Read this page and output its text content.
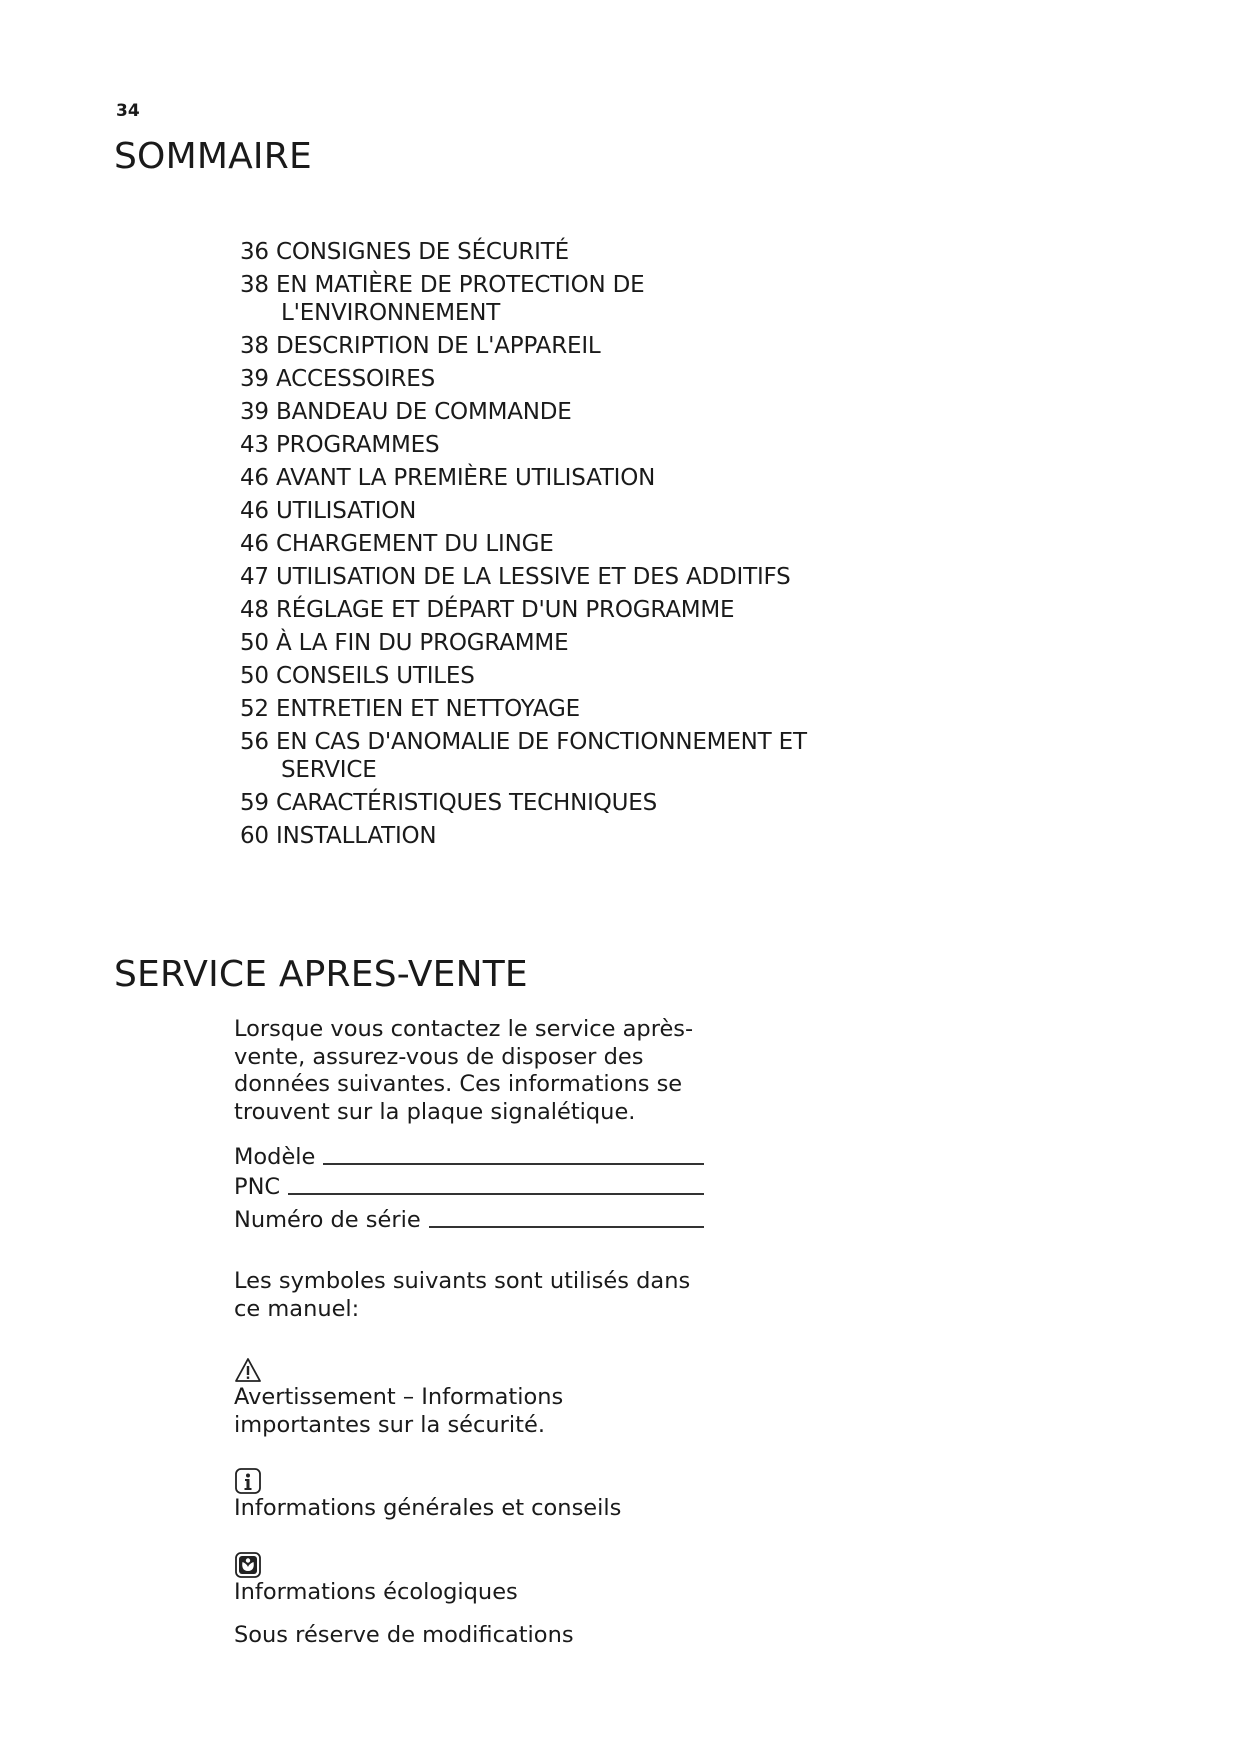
34
SOMMAIRE
36 CONSIGNES DE SÉCURITÉ
38 EN MATIÈRE DE PROTECTION DE
L'ENVIRONNEMENT
38 DESCRIPTION DE L'APPAREIL
39 ACCESSOIRES
39 BANDEAU DE COMMANDE
43 PROGRAMMES
46 AVANT LA PREMIÈRE UTILISATION
46 UTILISATION
46 CHARGEMENT DU LINGE
47 UTILISATION DE LA LESSIVE ET DES ADDITIFS
48 RÉGLAGE ET DÉPART D'UN PROGRAMME
50 À LA FIN DU PROGRAMME
50 CONSEILS UTILES
52 ENTRETIEN ET NETTOYAGE
56 EN CAS D'ANOMALIE DE FONCTIONNEMENT ET
SERVICE
59 CARACTÉRISTIQUES TECHNIQUES
60 INSTALLATION
SERVICE APRES-VENTE

Lorsque vous contactez le service après-vente, assurez-vous de disposer des données suivantes. Ces informations se trouvent sur la plaque signalétique.

Modèle
PNC
Numéro de série

Les symboles suivants sont utilisés dans ce manuel:

Avertissement – Informations importantes sur la sécurité.

Informations générales et conseils

Informations écologiques

Sous réserve de modifications
